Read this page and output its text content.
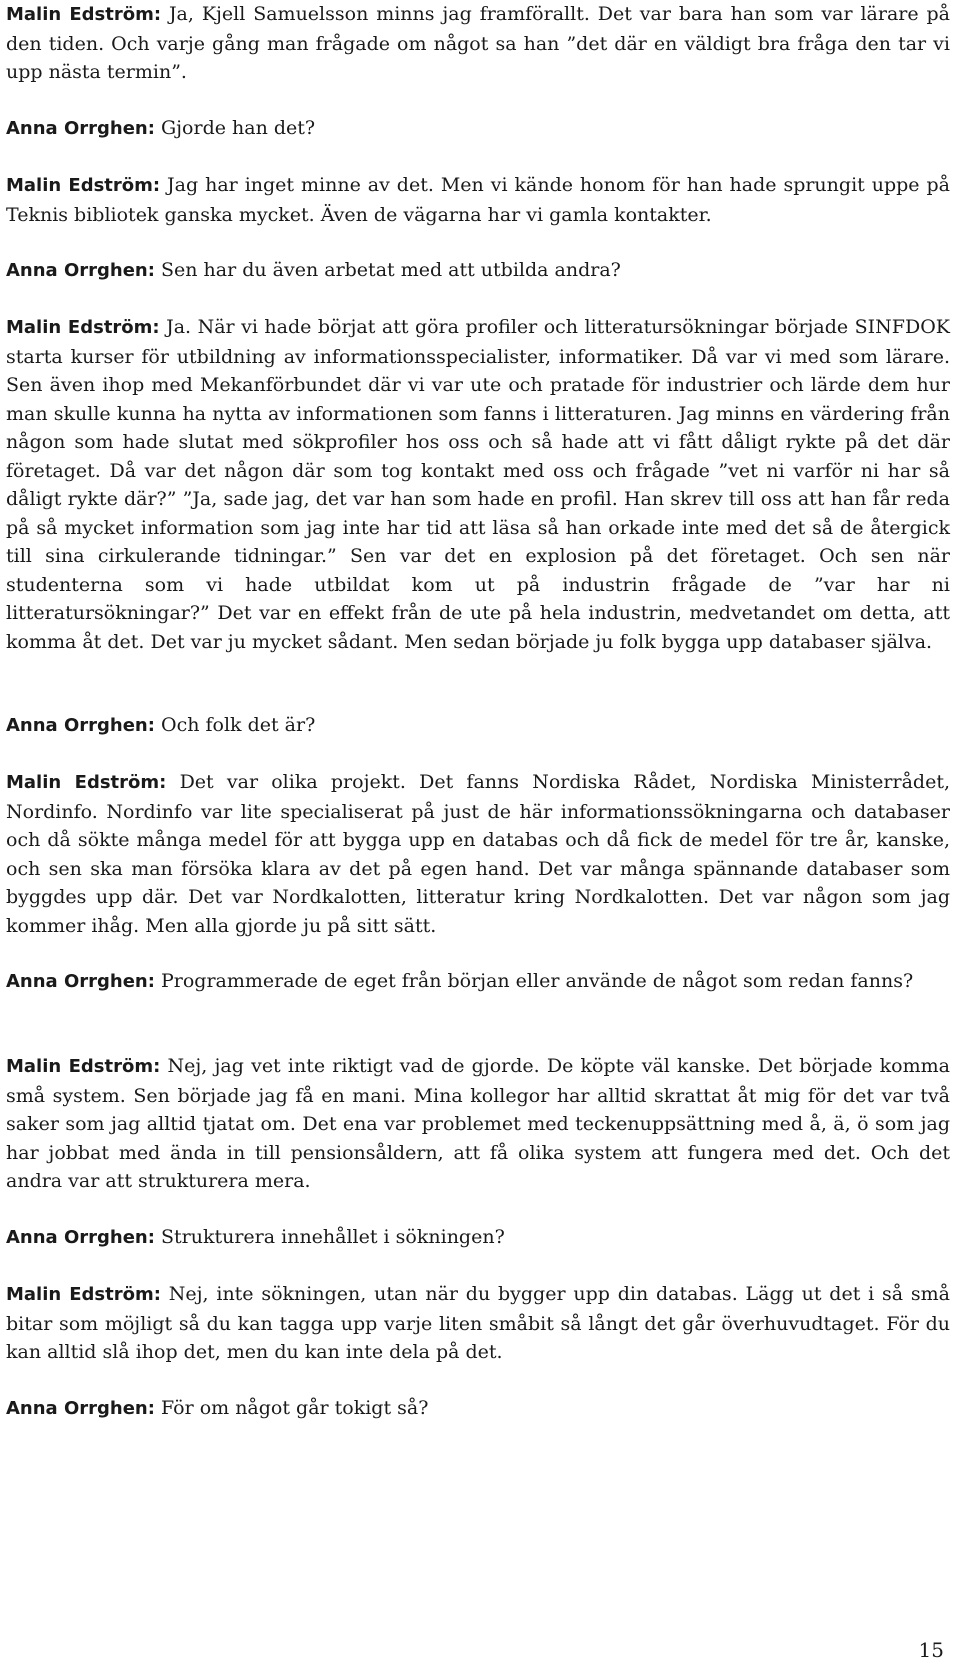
Malin Edström: Ja, Kjell Samuelsson minns jag framförallt. Det var bara han som var lärare på den tiden. Och varje gång man frågade om något sa han ”det där en väldigt bra fråga den tar vi upp nästa termin”.

Anna Orrghen: Gjorde han det?

Malin Edström: Jag har inget minne av det. Men vi kände honom för han hade sprungit uppe på Teknis bibliotek ganska mycket. Även de vägarna har vi gamla kontakter.

Anna Orrghen: Sen har du även arbetat med att utbilda andra?

Malin Edström: Ja. När vi hade börjat att göra profiler och litteratursökningar började SINFDOK starta kurser för utbildning av informationsspecialister, informatiker. Då var vi med som lärare. Sen även ihop med Mekanförbundet där vi var ute och pratade för industrier och lärde dem hur man skulle kunna ha nytta av informationen som fanns i litteraturen. Jag minns en värdering från någon som hade slutat med sökprofiler hos oss och så hade att vi fått dåligt rykte på det där företaget. Då var det någon där som tog kontakt med oss och frågade ”vet ni varför ni har så dåligt rykte där?” ”Ja, sade jag, det var han som hade en profil. Han skrev till oss att han får reda på så mycket information som jag inte har tid att läsa så han orkade inte med det så de återgick till sina cirkulerande tidningar.” Sen var det en explosion på det företaget. Och sen när studenterna som vi hade utbildat kom ut på industrin frågade de ”var har ni litteratursökningar?” Det var en effekt från de ute på hela industrin, medvetandet om detta, att komma åt det. Det var ju mycket sådant. Men sedan började ju folk bygga upp databaser själva.

Anna Orrghen: Och folk det är?

Malin Edström: Det var olika projekt. Det fanns Nordiska Rådet, Nordiska Ministerrådet, Nordinfo. Nordinfo var lite specialiserat på just de här informationssökningarna och databaser och då sökte många medel för att bygga upp en databas och då fick de medel för tre år, kanske, och sen ska man försöka klara av det på egen hand. Det var många spännande databaser som byggdes upp där. Det var Nordkalotten, litteratur kring Nordkalotten. Det var någon som jag kommer ihåg. Men alla gjorde ju på sitt sätt.

Anna Orrghen: Programmerade de eget från början eller använde de något som redan fanns?

Malin Edström: Nej, jag vet inte riktigt vad de gjorde. De köpte väl kanske. Det började komma små system. Sen började jag få en mani. Mina kollegor har alltid skrattat åt mig för det var två saker som jag alltid tjatat om. Det ena var problemet med teckenuppsättning med å, ä, ö som jag har jobbat med ända in till pensionsåldern, att få olika system att fungera med det. Och det andra var att strukturera mera.

Anna Orrghen: Strukturera innehållet i sökningen?

Malin Edström: Nej, inte sökningen, utan när du bygger upp din databas. Lägg ut det i så små bitar som möjligt så du kan tagga upp varje liten småbit så långt det går överhuvudtaget. För du kan alltid slå ihop det, men du kan inte dela på det.

Anna Orrghen: För om något går tokigt så?

15
